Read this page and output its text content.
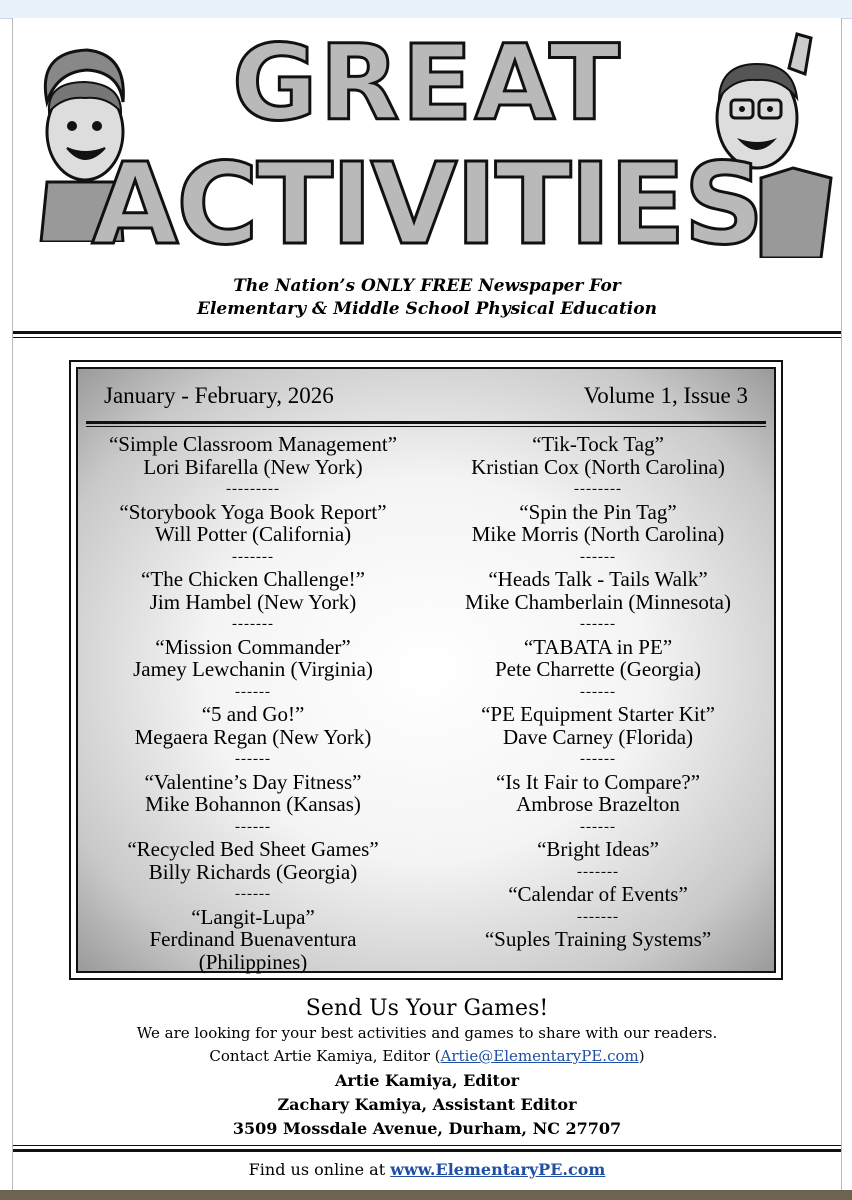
GREAT
ACTIVITIES
The Nation’s ONLY FREE Newspaper For
Elementary & Middle School Physical Education
January - February, 2026	Volume 1, Issue 3
“Simple Classroom Management”
Lori Bifarella (New York)
---------
“Storybook Yoga Book Report”
Will Potter (California)
-------
“The Chicken Challenge!”
Jim Hambel (New York)
-------
“Mission Commander”
Jamey Lewchanin (Virginia)
------
“5 and Go!”
Megaera Regan (New York)
------
“Valentine’s Day Fitness”
Mike Bohannon (Kansas)
------
“Recycled Bed Sheet Games”
Billy Richards (Georgia)
------
“Langit-Lupa”
Ferdinand Buenaventura
(Philippines)
“Tik-Tock Tag”
Kristian Cox (North Carolina)
--------
“Spin the Pin Tag”
Mike Morris (North Carolina)
------
“Heads Talk - Tails Walk”
Mike Chamberlain (Minnesota)
------
“TABATA in PE”
Pete Charrette (Georgia)
------
“PE Equipment Starter Kit”
Dave Carney (Florida)
------
“Is It Fair to Compare?”
Ambrose Brazelton
------
“Bright Ideas”
-------
“Calendar of Events”
-------
“Suples Training Systems”
Send Us Your Games!
We are looking for your best activities and games to share with our readers.
Contact Artie Kamiya, Editor (Artie@ElementaryPE.com)
Artie Kamiya, Editor
Zachary Kamiya, Assistant Editor
3509 Mossdale Avenue, Durham, NC 27707
Find us online at www.ElementaryPE.com
